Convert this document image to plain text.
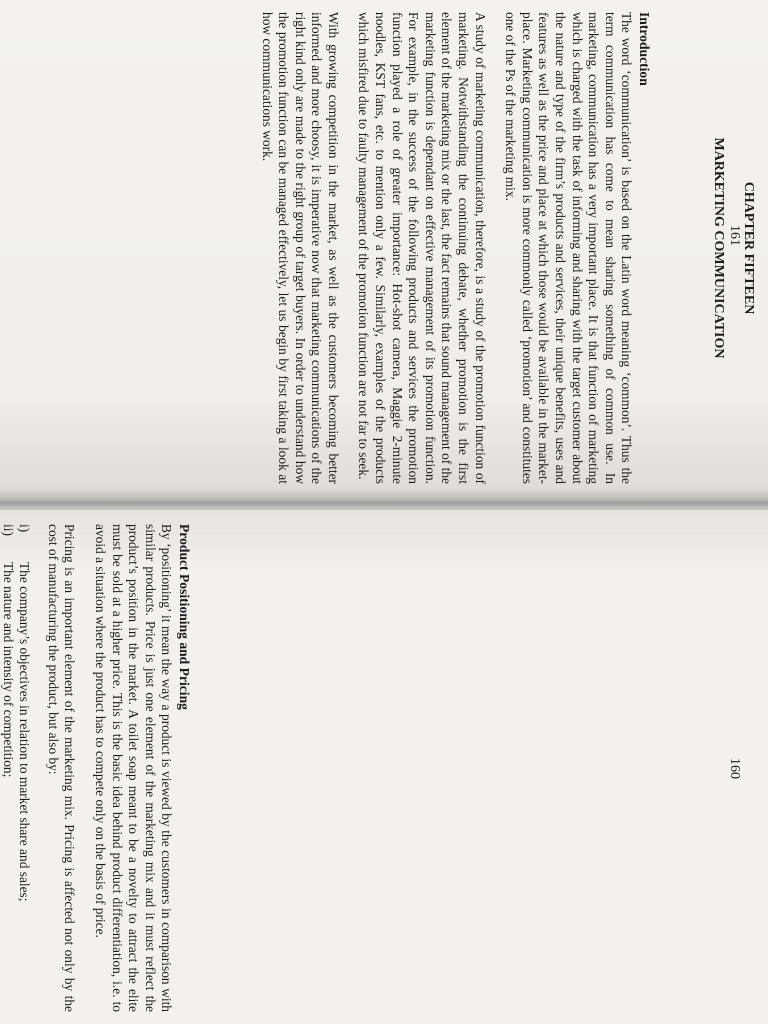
CHAPTER FIFTEEN
MARKETING COMMUNICATION
Introduction

The word ‘communication’ is based on the Latin word meaning ‘common’. Thus the term communication has come to mean sharing something of common use. In marketing, communication has a very important place. It is that function of marketing which is charged with the task of informing and sharing with the target customer about the nature and type of the firm’s products and services, their unique benefits, uses and features as well as the price and place at which those would be available in the market-place. Marketing communication is more commonly called ‘promotion’ and constitutes one of the Ps of the marketing mix.

A study of marketing communication, therefore, is a study of the promotion function of marketing. Notwithstanding the continuing debate, whether promotion is the first element of the marketing mix or the last, the fact remains that sound management of the marketing function is dependant on effective management of its promotion function. For example, in the success of the following products and services the promotion function played a role of greater importance: Hot-shot camera, Maggie 2-minute noodles, KST fans, etc. to mention only a few. Similarly, examples of the products which misfired due to faulty management of the promotion function are not far to seek.

With growing competition in the market, as well as the customers becoming better informed and more choosy, it is imperative now that marketing communications of the right kind only are made to the right group of target buyers. In order to understand how the promotion function can be managed effectively, let us begin by first taking a look at how communications work.

161
Product Positioning and Pricing

By ‘positioning’ it mean the way a product is viewed by the customers in comparison with similar products. Price is just one element of the marketing mix and it must reflect the product’s position in the market. A toilet soap meant to be a novelty to attract the elite must be sold at a higher price. This is the basic idea behind product differentiation, i.e. to avoid a situation where the product has to compete only on the basis of price.

Pricing is an important element of the marketing mix. Pricing is affected not only by the cost of manufacturing the product, but also by:

i)
The company’s objectives in relation to market share and sales;
ii)
The nature and intensity of competition;	160
